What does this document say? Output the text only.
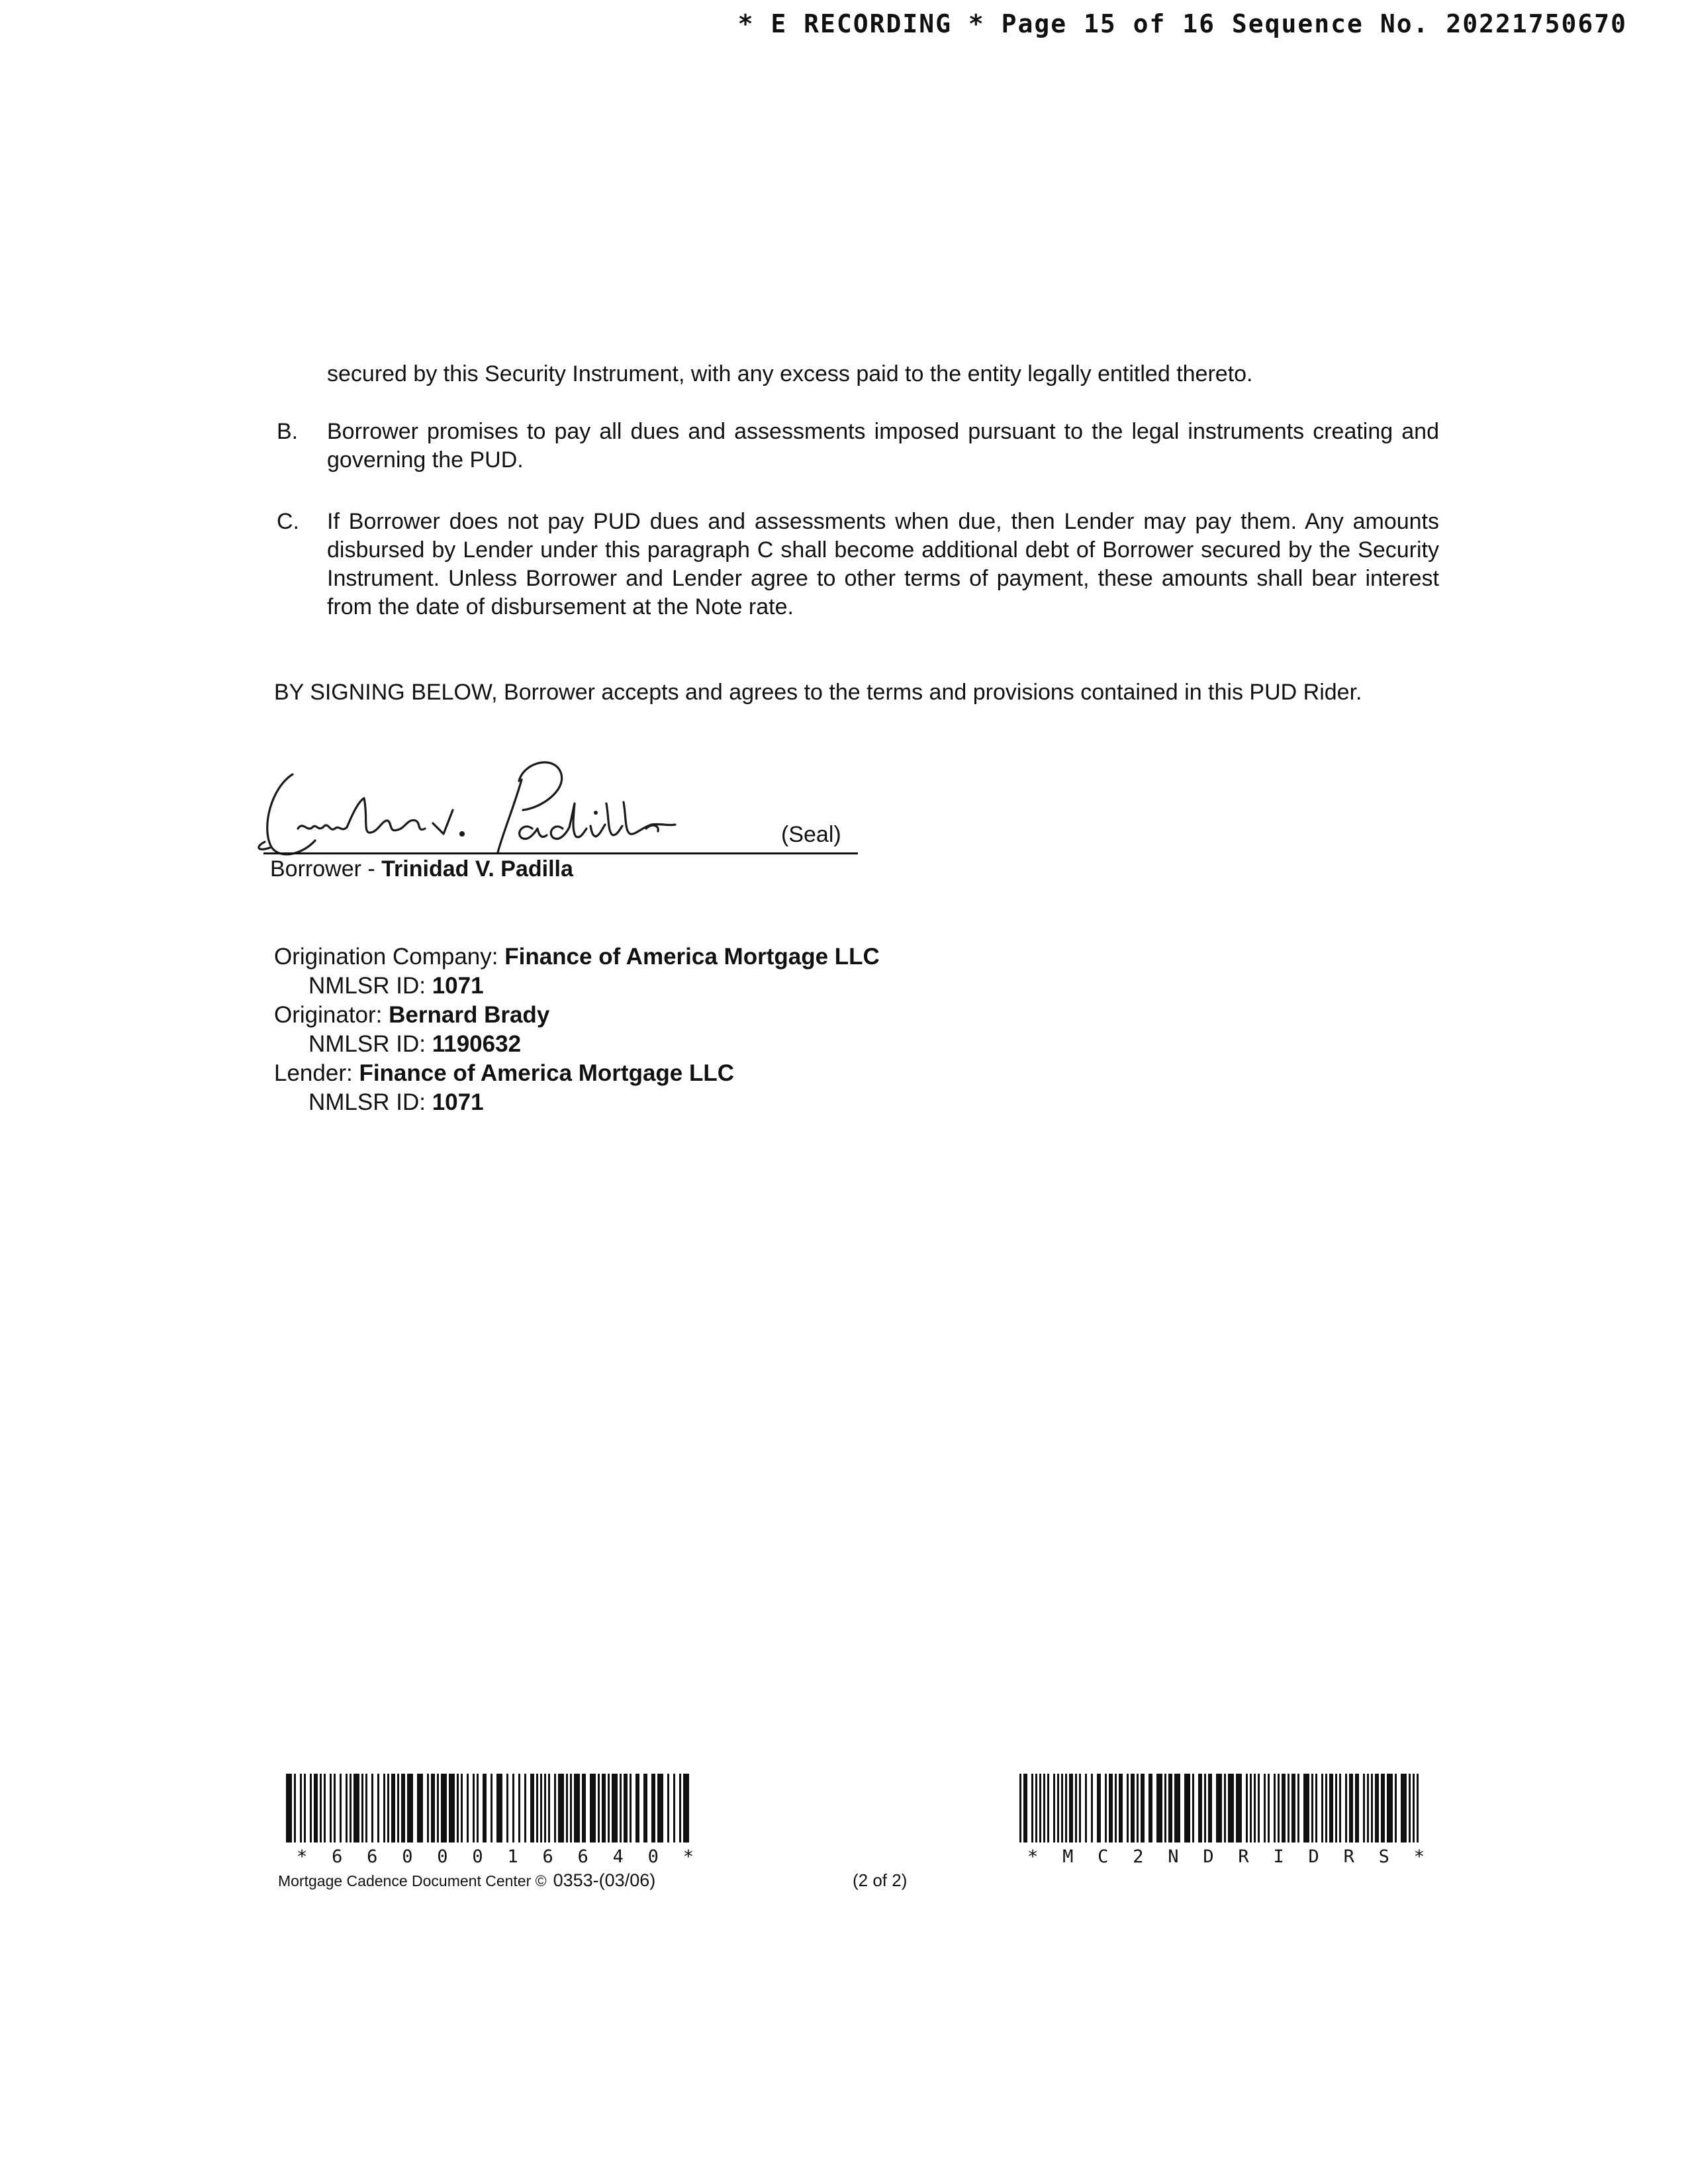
* E RECORDING * Page 15 of 16 Sequence No. 20221750670
secured by this Security Instrument, with any excess paid to the entity legally entitled thereto.
B.	Borrower promises to pay all dues and assessments imposed pursuant to the legal instruments creating and governing the PUD.
C.	If Borrower does not pay PUD dues and assessments when due, then Lender may pay them. Any amounts disbursed by Lender under this paragraph C shall become additional debt of Borrower secured by the Security Instrument. Unless Borrower and Lender agree to other terms of payment, these amounts shall bear interest from the date of disbursement at the Note rate.
BY SIGNING BELOW, Borrower accepts and agrees to the terms and provisions contained in this PUD Rider.
(Seal)
Borrower - Trinidad V. Padilla
Origination Company: Finance of America Mortgage LLC
NMLSR ID: 1071
Originator: Bernard Brady
NMLSR ID: 1190632
Lender: Finance of America Mortgage LLC
NMLSR ID: 1071
* 6 6 0 0 0 1 6 6 4 0 *	* M C 2 N D R I D R S *
Mortgage Cadence Document Center © 0353-(03/06)	(2 of 2)
